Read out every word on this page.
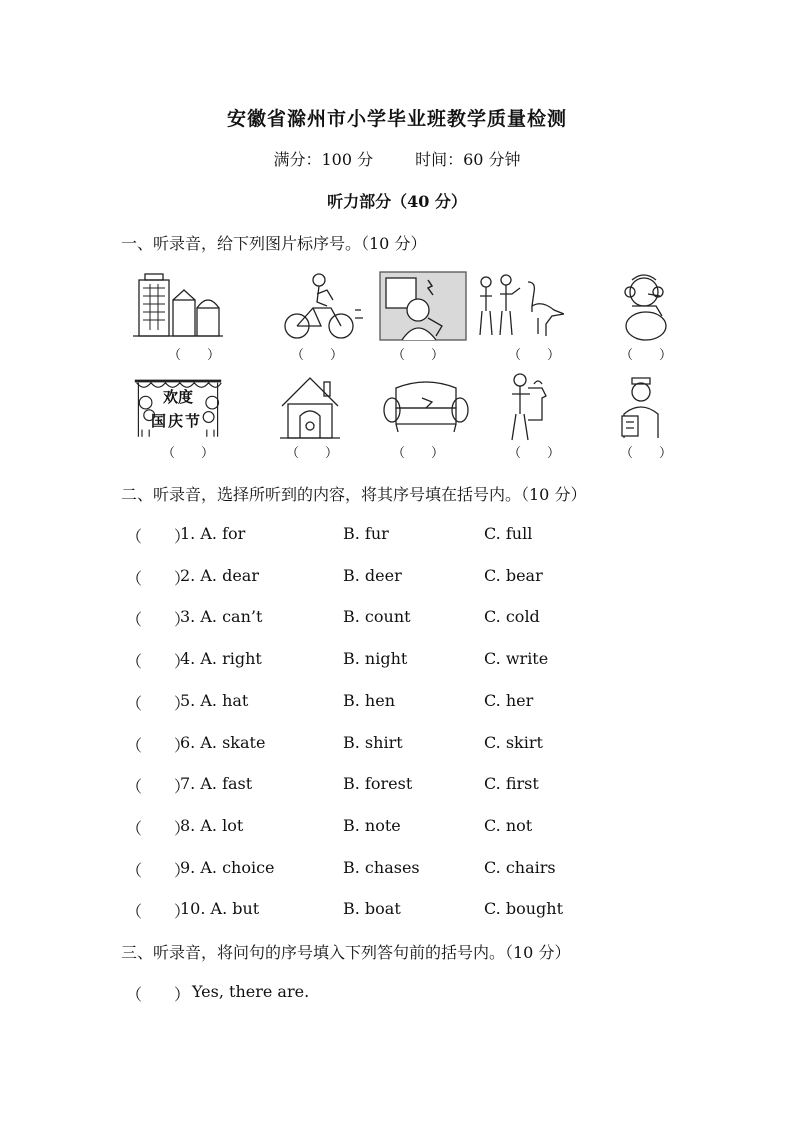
安徽省滁州市小学毕业班教学质量检测
满分：100 分	时间：60 分钟
听力部分（40 分）
一、听录音，给下列图片标序号。（10 分）
（　　）	（　　）	（　　）	（　　）	（　　）
欢度
国庆节
（　　）	（　　）	（　　）	（　　）	（　　）
二、听录音，选择所听到的内容，将其序号填在括号内。（10 分）
（　　）
1. A. for	B. fur	C. full
（　　）
2. A. dear	B. deer	C. bear
（　　）
3. A. can’t	B. count	C. cold
（　　）
4. A. right	B. night	C. write
（　　）
5. A. hat	B. hen	C. her
（　　）
6. A. skate	B. shirt	C. skirt
（　　）
7. A. fast	B. forest	C. first
（　　）
8. A. lot	B. note	C. not
（　　）
9. A. choice	B. chases	C. chairs
（　　）
10. A. but	B. boat	C. bought
三、听录音，将问句的序号填入下列答句前的括号内。（10 分）
（　　） Yes, there are.
